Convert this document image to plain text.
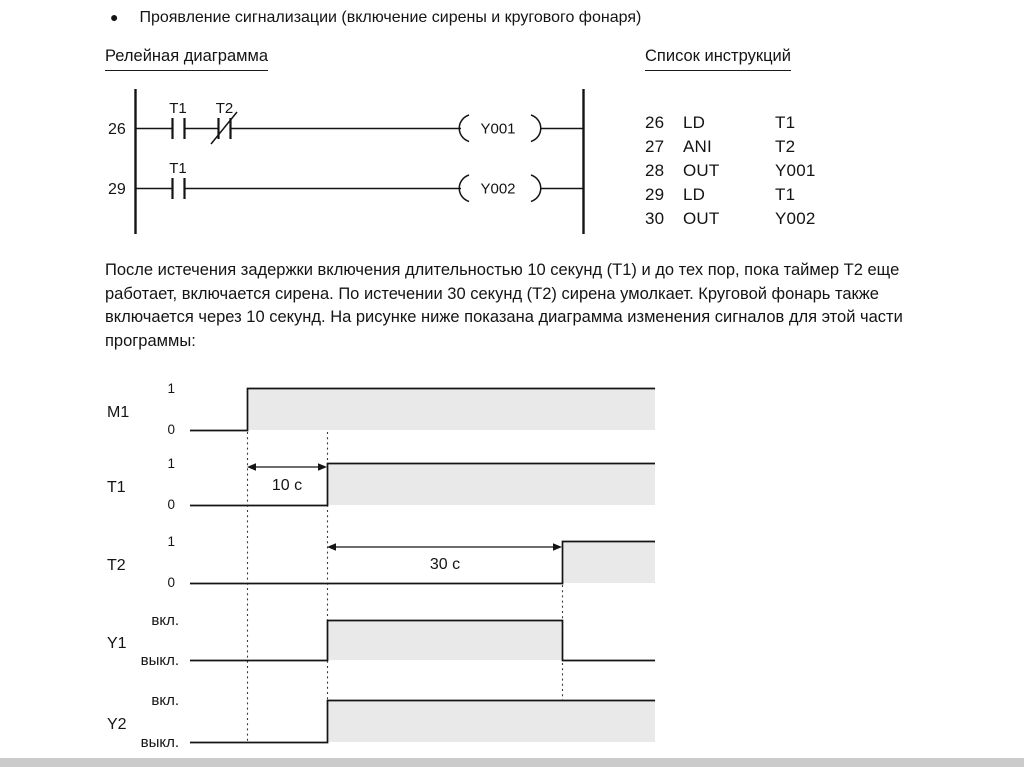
● Проявление сигнализации (включение сирены и кругового фонаря)
Релейная диаграмма	Список инструкций
26
T1 T2
Y001
29
T1
Y002
26	LD	T1
27	ANI	T2
28	OUT	Y001
29	LD	T1
30	OUT	Y002
После истечения задержки включения длительностью 10 секунд (T1) и до тех пор, пока таймер T2 еще работает, включается сирена. По истечении 30 секунд (T2) сирена умолкает. Круговой фонарь также включается через 10 секунд. На рисунке ниже показана диаграмма изменения сигналов для этой части программы:
10 с
30 с
M1
T1
T2
Y1
Y2
1
0
1
0
1
0
вкл.
выкл.
вкл.
выкл.
